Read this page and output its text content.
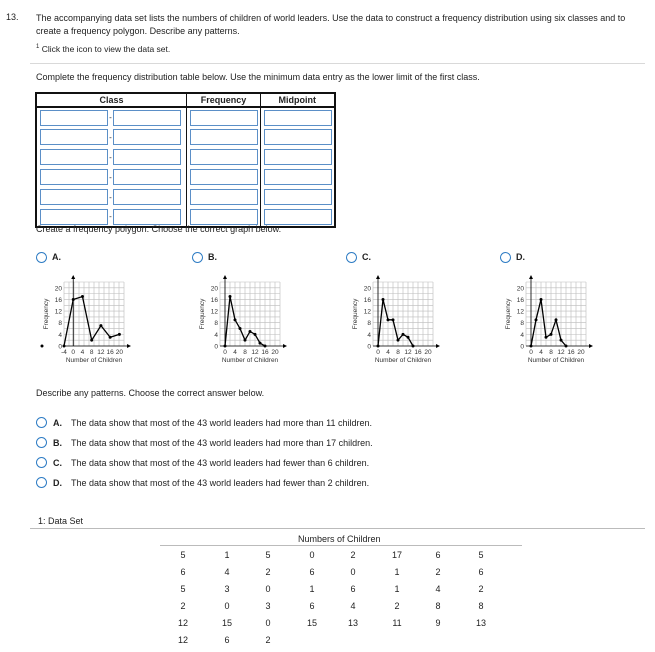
13. The accompanying data set lists the numbers of children of world leaders. Use the data to construct a frequency distribution using six classes and to create a frequency polygon. Describe any patterns.
$^1$ Click the icon to view the data set.
Complete the frequency distribution table below. Use the minimum data entry as the lower limit of the first class.
Class	Frequency	Midpoint

-

-

-

-

-

-

Create a frequency polygon. Choose the correct graph below.
A.
20
16
12
8
4
0
-4 0 4 8 12 16 20
Frequency
Number of Children
B.
20
16
12
8
4
0
0 4 8 12 16 20
Frequency
Number of Children
C.
20
16
12
8
4
0
0 4 8 12 16 20
Frequency
Number of Children
D.
20
16
12
8
4
0
0 4 8 12 16 20
Frequency
Number of Children
Describe any patterns. Choose the correct answer below.
A. The data show that most of the 43 world leaders had more than 11 children.
B. The data show that most of the 43 world leaders had more than 17 children.
C. The data show that most of the 43 world leaders had fewer than 6 children.
D. The data show that most of the 43 world leaders had fewer than 2 children.
1: Data Set
Numbers of Children
5	1	5	0	2	17	6	5
6	4	2	6	0	1	2	6
5	3	0	1	6	1	4	2
2	0	3	6	4	2	8	8
12	15	0	15	13	11	9	13
12	6	2
